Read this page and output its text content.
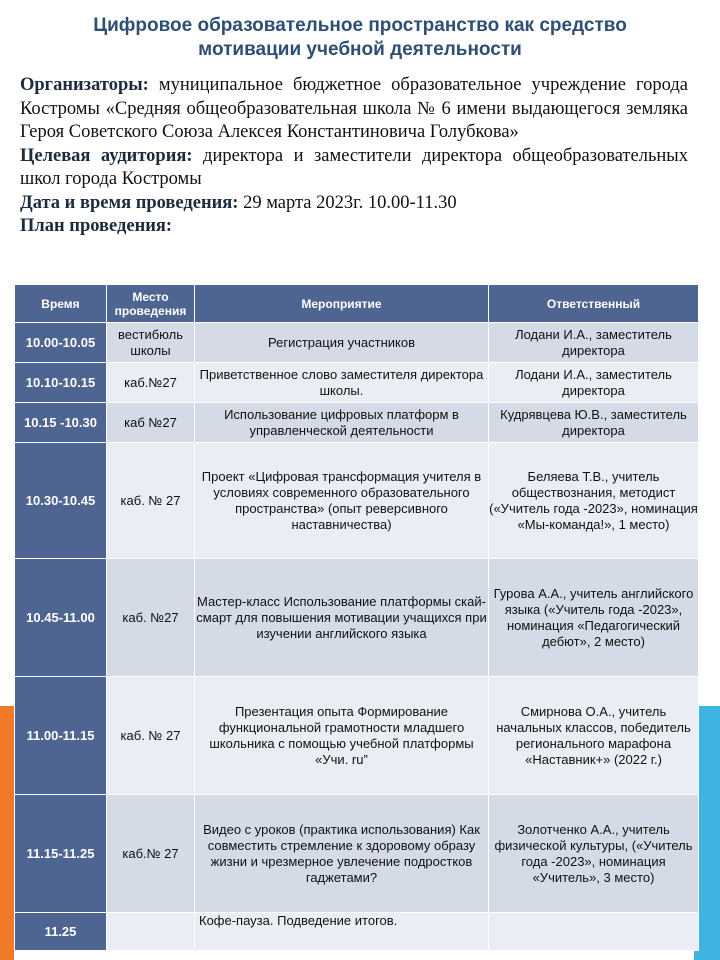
Цифровое образовательное пространство как средство мотивации учебной деятельности

Организаторы: муниципальное бюджетное образовательное учреждение города Костромы «Средняя общеобразовательная школа № 6 имени выдающегося земляка Героя Советского Союза Алексея Константиновича Голубкова»

Целевая аудитория: директора и заместители директора общеобразовательных школ города Костромы

Дата и время проведения: 29 марта 2023г. 10.00-11.30

План проведения:

Время	Место проведения	Мероприятие	Ответственный
10.00-10.05	вестибюль школы	Регистрация участников	Лодани И.А., заместитель директора
10.10-10.15	каб.№27	Приветственное слово заместителя директора школы.	Лодани И.А., заместитель директора
10.15 -10.30	каб №27	Использование цифровых платформ в управленческой деятельности	Кудрявцева Ю.В., заместитель директора
10.30-10.45	каб. № 27	Проект «Цифровая трансформация учителя в условиях современного образовательного пространства» (опыт реверсивного наставничества)	Беляева Т.В., учитель обществознания, методист («Учитель года -2023», номинация «Мы-команда!», 1 место)
10.45-11.00	каб. №27	Мастер-класс Использование платформы скай-смарт для повышения мотивации учащихся при изучении английского языка	Гурова А.А., учитель английского языка («Учитель года -2023», номинация «Педагогический дебют», 2 место)
11.00-11.15	каб. № 27	Презентация опыта Формирование функциональной грамотности младшего школьника с помощью учебной платформы «Учи. ru”	Смирнова О.А., учитель начальных классов, победитель регионального марафона «Наставник+» (2022 г.)
11.15-11.25	каб.№ 27	Видео с уроков (практика использования) Как совместить стремление к здоровому образу жизни и чрезмерное увлечение подростков гаджетами?	Золотченко А.А., учитель физической культуры, («Учитель года -2023», номинация «Учитель», 3 место)
11.25		Кофе-пауза. Подведение итогов.	
